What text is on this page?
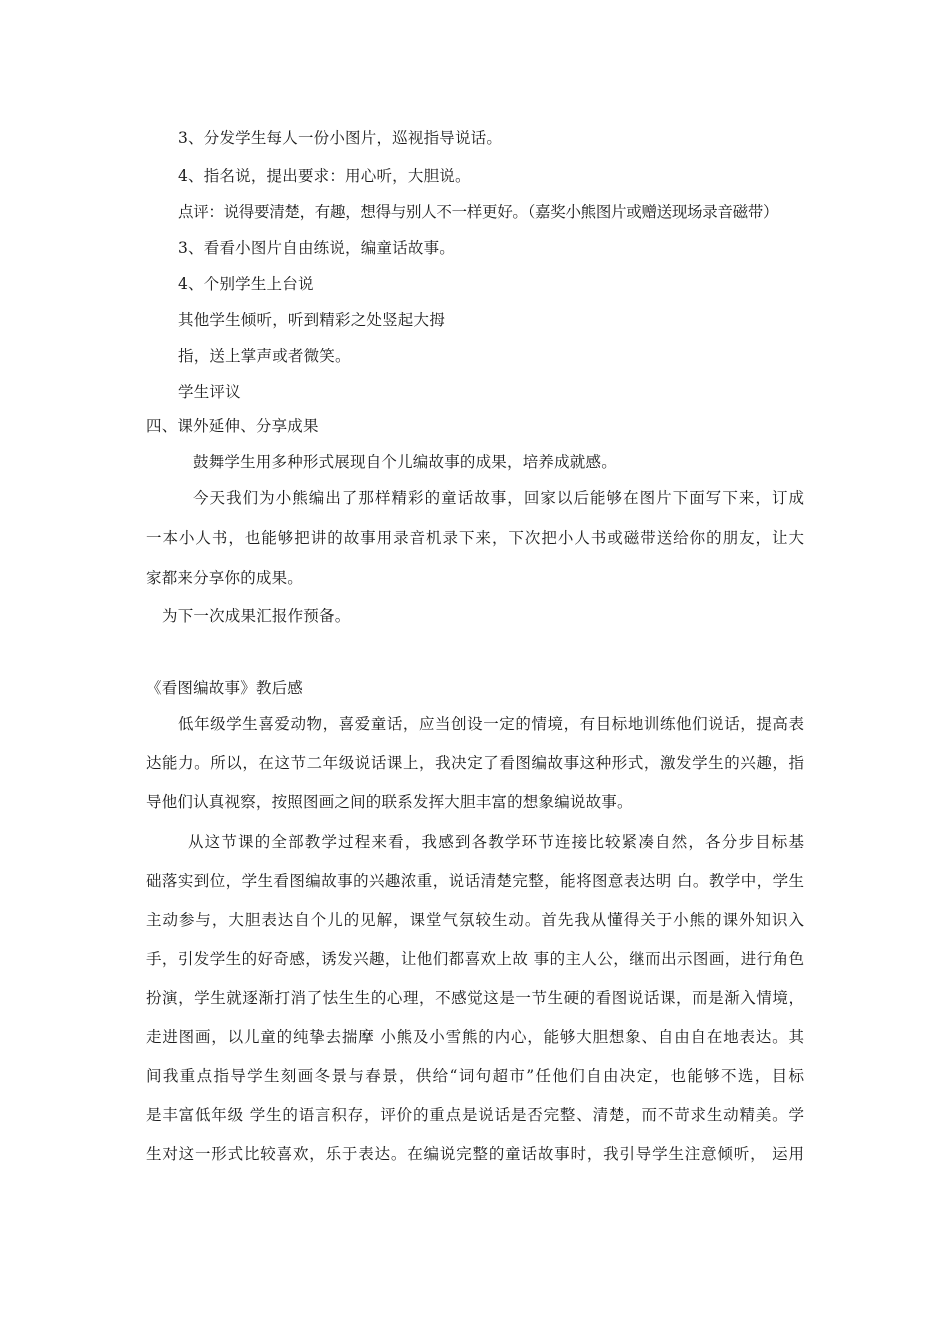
3、分发学生每人一份小图片，巡视指导说话。
4、指名说，提出要求：用心听，大胆说。
点评：说得要清楚，有趣，想得与别人不一样更好。（嘉奖小熊图片或赠送现场录音磁带）
3、看看小图片自由练说，编童话故事。
4、个别学生上台说
其他学生倾听，听到精彩之处竖起大拇
指，送上掌声或者微笑。
学生评议
四、课外延伸、分享成果
鼓舞学生用多种形式展现自个儿编故事的成果，培养成就感。
今天我们为小熊编出了那样精彩的童话故事，回家以后能够在图片下面写下来，订成
一本小人书，也能够把讲的故事用录音机录下来，下次把小人书或磁带送给你的朋友，让大
家都来分享你的成果。
为下一次成果汇报作预备。
《看图编故事》教后感
低年级学生喜爱动物，喜爱童话，应当创设一定的情境，有目标地训练他们说话，提高表
达能力。所以，在这节二年级说话课上，我决定了看图编故事这种形式，激发学生的兴趣，指
导他们认真视察，按照图画之间的联系发挥大胆丰富的想象编说故事。
从这节课的全部教学过程来看，我感到各教学环节连接比较紧凑自然，各分步目标基
础落实到位，学生看图编故事的兴趣浓重，说话清楚完整，能将图意表达明 白。教学中，学生
主动参与，大胆表达自个儿的见解，课堂气氛较生动。首先我从懂得关于小熊的课外知识入
手，引发学生的好奇感，诱发兴趣，让他们都喜欢上故 事的主人公，继而出示图画，进行角色
扮演，学生就逐渐打消了怯生生的心理，不感觉这是一节生硬的看图说话课，而是渐入情境，
走进图画，以儿童的纯挚去揣摩 小熊及小雪熊的内心，能够大胆想象、自由自在地表达。其
间我重点指导学生刻画冬景与春景，供给“词句超市”任他们自由决定，也能够不选，目标
是丰富低年级 学生的语言积存，评价的重点是说话是否完整、清楚，而不苛求生动精美。学
生对这一形式比较喜欢，乐于表达。在编说完整的童话故事时，我引导学生注意倾听， 运用
